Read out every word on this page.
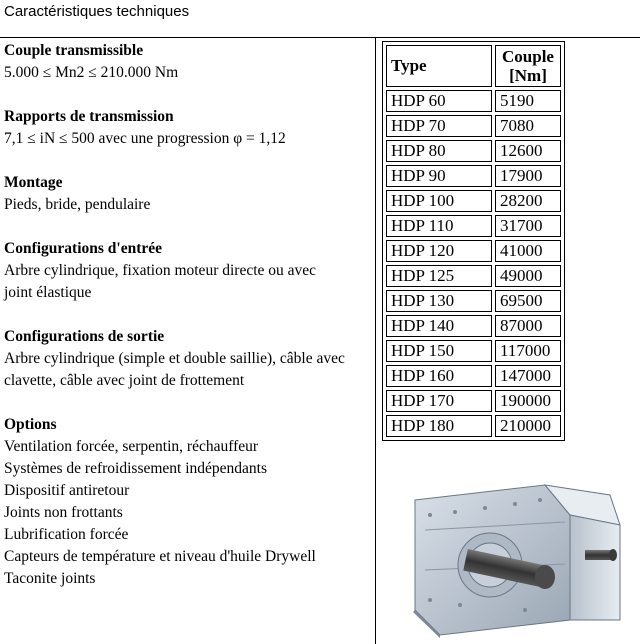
Caractéristiques techniques
Couple transmissible
5.000 ≤ Mn2 ≤ 210.000 Nm
Rapports de transmission
7,1 ≤ iN ≤ 500 avec une progression φ = 1,12
Montage
Pieds, bride, pendulaire
Configurations d'entrée
Arbre cylindrique, fixation moteur directe ou avec
joint élastique
Configurations de sortie
Arbre cylindrique (simple et double saillie), câble avec
clavette, câble avec joint de frottement
Options
Ventilation forcée, serpentin, réchauffeur
Systèmes de refroidissement indépendants
Dispositif antiretour
Joints non frottants
Lubrification forcée
Capteurs de température et niveau d'huile Drywell
Taconite joints
Type	Couple
[Nm]
HDP 60	5190
HDP 70	7080
HDP 80	12600
HDP 90	17900
HDP 100	28200
HDP 110	31700
HDP 120	41000
HDP 125	49000
HDP 130	69500
HDP 140	87000
HDP 150	117000
HDP 160	147000
HDP 170	190000
HDP 180	210000
